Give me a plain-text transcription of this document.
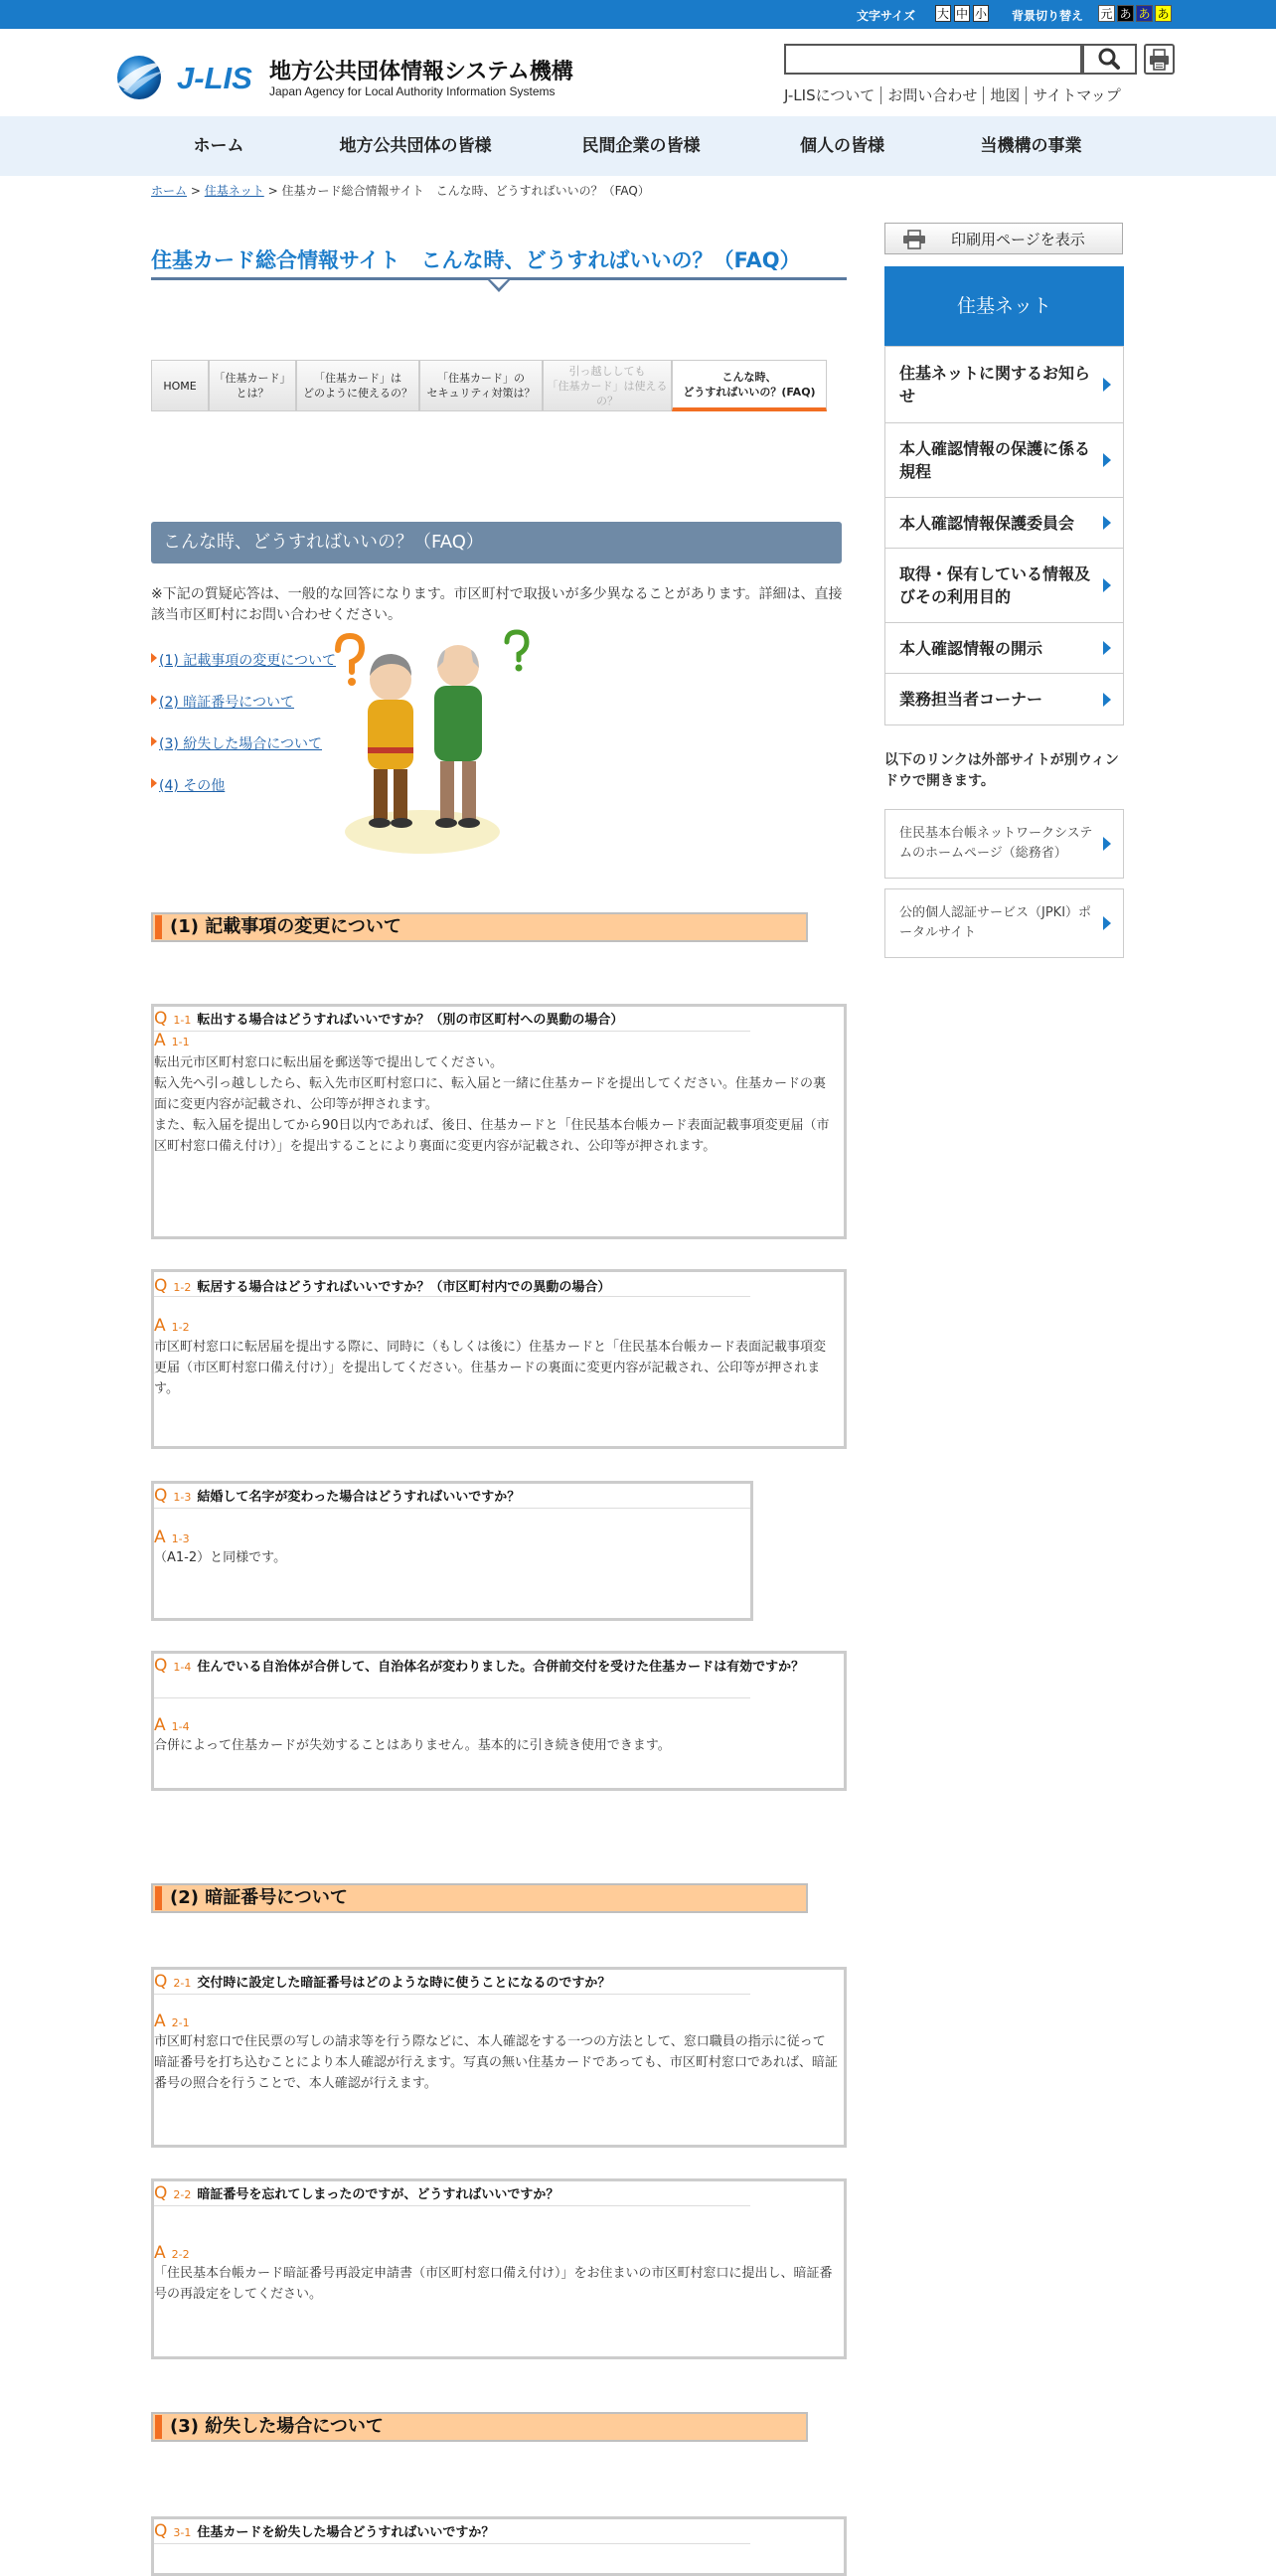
文字サイズ 大 中 小 背景切り替え 元 あ あ あ
J-LIS 地方公共団体情報システム機構
Japan Agency for Local Authority Information Systems	J-LISについて お問い合わせ 地図 サイトマップ
ホーム	地方公共団体の皆様	民間企業の皆様	個人の皆様	当機構の事業
ホーム > 住基ネット > 住基カード総合情報サイト　こんな時、どうすればいいの？（FAQ）
住基カード総合情報サイト　こんな時、どうすればいいの？（FAQ）
HOME
「住基カード」
とは？
「住基カード」は
どのように使えるの？
「住基カード」の
セキュリティ対策は？
引っ越ししても
「住基カード」は使えるの？
こんな時、
どうすればいいの？(FAQ)
こんな時、どうすればいいの？（FAQ）
※下記の質疑応答は、一般的な回答になります。市区町村で取扱いが多少異なることがあります。詳細は、直接該当市区町村にお問い合わせください。
(1) 記載事項の変更について
(2) 暗証番号について
(3) 紛失した場合について
(4) その他
(1) 記載事項の変更について
Q 1-1 転出する場合はどうすればいいですか？（別の市区町村への異動の場合）
A 1-1
転出元市区町村窓口に転出届を郵送等で提出してください。
転入先へ引っ越ししたら、転入先市区町村窓口に、転入届と一緒に住基カードを提出してください。住基カードの裏面に変更内容が記載され、公印等が押されます。
また、転入届を提出してから90日以内であれば、後日、住基カードと「住民基本台帳カード表面記載事項変更届（市区町村窓口備え付け）」を提出することにより裏面に変更内容が記載され、公印等が押されます。
Q 1-2 転居する場合はどうすればいいですか？（市区町村内での異動の場合）
A 1-2
市区町村窓口に転居届を提出する際に、同時に（もしくは後に）住基カードと「住民基本台帳カード表面記載事項変更届（市区町村窓口備え付け）」を提出してください。住基カードの裏面に変更内容が記載され、公印等が押されます。
Q 1-3 結婚して名字が変わった場合はどうすればいいですか？
A 1-3
（A1-2）と同様です。
Q 1-4 住んでいる自治体が合併して、自治体名が変わりました。合併前交付を受けた住基カードは有効ですか？
A 1-4
合併によって住基カードが失効することはありません。基本的に引き続き使用できます。
(2) 暗証番号について
Q 2-1 交付時に設定した暗証番号はどのような時に使うことになるのですか？
A 2-1
市区町村窓口で住民票の写しの請求等を行う際などに、本人確認をする一つの方法として、窓口職員の指示に従って暗証番号を打ち込むことにより本人確認が行えます。写真の無い住基カードであっても、市区町村窓口であれば、暗証番号の照合を行うことで、本人確認が行えます。
Q 2-2 暗証番号を忘れてしまったのですが、どうすればいいですか？
A 2-2
「住民基本台帳カード暗証番号再設定申請書（市区町村窓口備え付け）」をお住まいの市区町村窓口に提出し、暗証番号の再設定をしてください。
(3) 紛失した場合について
Q 3-1 住基カードを紛失した場合どうすればいいですか？
印刷用ページを表示
住基ネット
住基ネットに関するお知らせ
本人確認情報の保護に係る規程
本人確認情報保護委員会
取得・保有している情報及びその利用目的
本人確認情報の開示
業務担当者コーナー
以下のリンクは外部サイトが別ウィンドウで開きます。
住民基本台帳ネットワークシステムのホームページ（総務省）
公的個人認証サービス（JPKI）ポータルサイト
